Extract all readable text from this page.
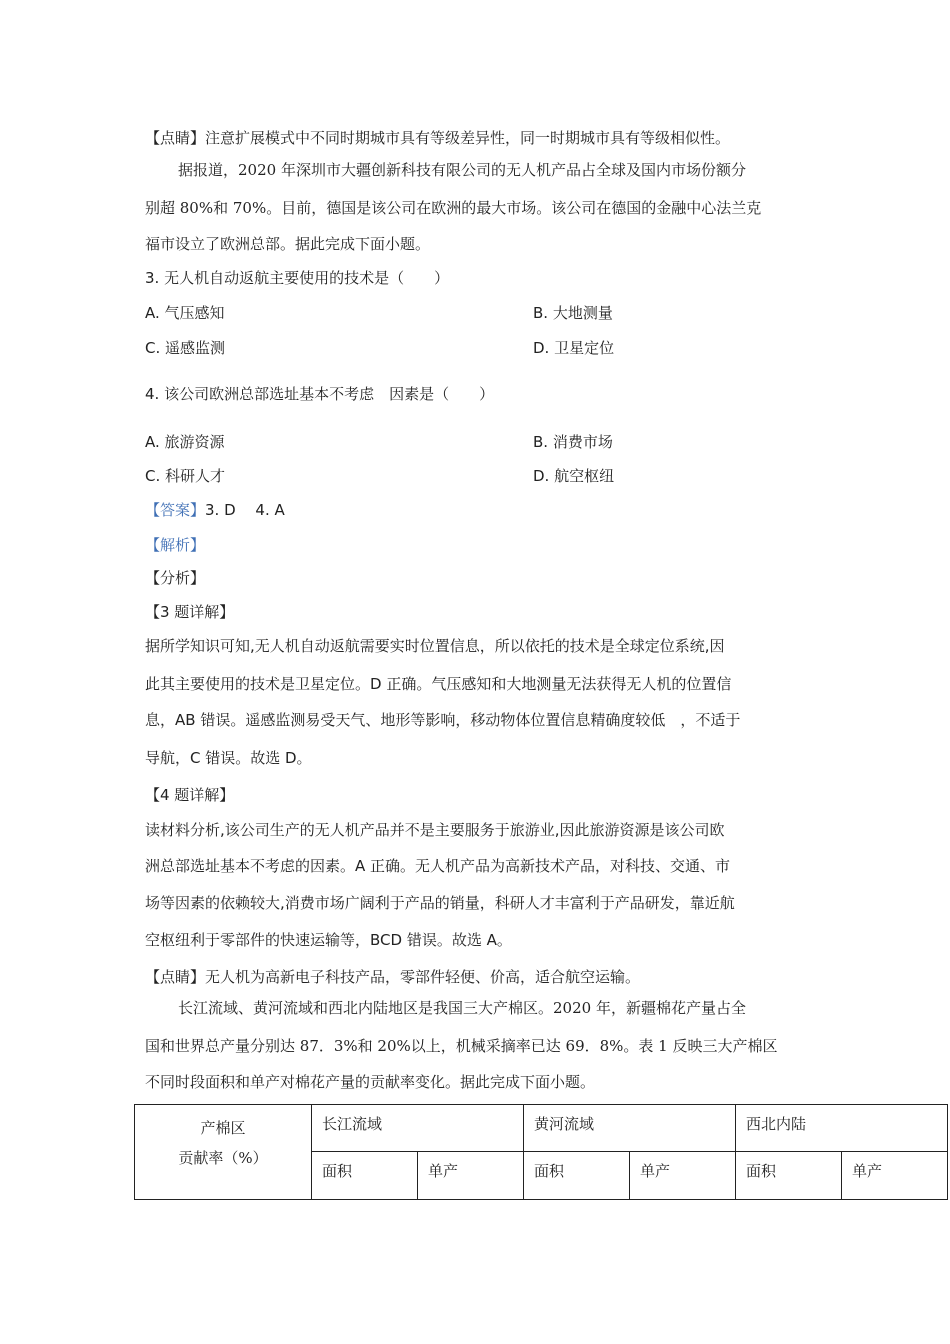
【点睛】注意扩展模式中不同时期城市具有等级差异性，同一时期城市具有等级相似性。
据报道，2020 年深圳市大疆创新科技有限公司的无人机产品占全球及国内市场份额分
别超 80%和 70%。目前，德国是该公司在欧洲的最大市场。该公司在德国的金融中心法兰克
福市设立了欧洲总部。据此完成下面小题。
3. 无人机自动返航主要使用的技术是（　　）
A. 气压感知	B. 大地测量
C. 遥感监测	D. 卫星定位
4. 该公司欧洲总部选址基本不考虑　因素是（　　）
A. 旅游资源	B. 消费市场
C. 科研人才	D. 航空枢纽
【答案】3. D　 4. A
【解析】
【分析】
【3 题详解】
据所学知识可知,无人机自动返航需要实时位置信息，所以依托的技术是全球定位系统,因
此其主要使用的技术是卫星定位。D 正确。气压感知和大地测量无法获得无人机的位置信
息，AB 错误。遥感监测易受天气、地形等影响，移动物体位置信息精确度较低　，不适于
导航，C 错误。故选 D。
【4 题详解】
读材料分析,该公司生产的无人机产品并不是主要服务于旅游业,因此旅游资源是该公司欧
洲总部选址基本不考虑的因素。A 正确。无人机产品为高新技术产品，对科技、交通、市
场等因素的依赖较大,消费市场广阔利于产品的销量，科研人才丰富利于产品研发，靠近航
空枢纽利于零部件的快速运输等，BCD 错误。故选 A。
【点睛】无人机为高新电子科技产品，零部件轻便、价高，适合航空运输。
长江流域、黄河流域和西北内陆地区是我国三大产棉区。2020 年，新疆棉花产量占全
国和世界总产量分别达 87．3%和 20%以上，机械采摘率已达 69．8%。表 1 反映三大产棉区
不同时段面积和单产对棉花产量的贡献率变化。据此完成下面小题。
产棉区
贡献率（%）	长江流域		黄河流域		西北内陆	
	面积	单产	面积	单产	面积	单产
